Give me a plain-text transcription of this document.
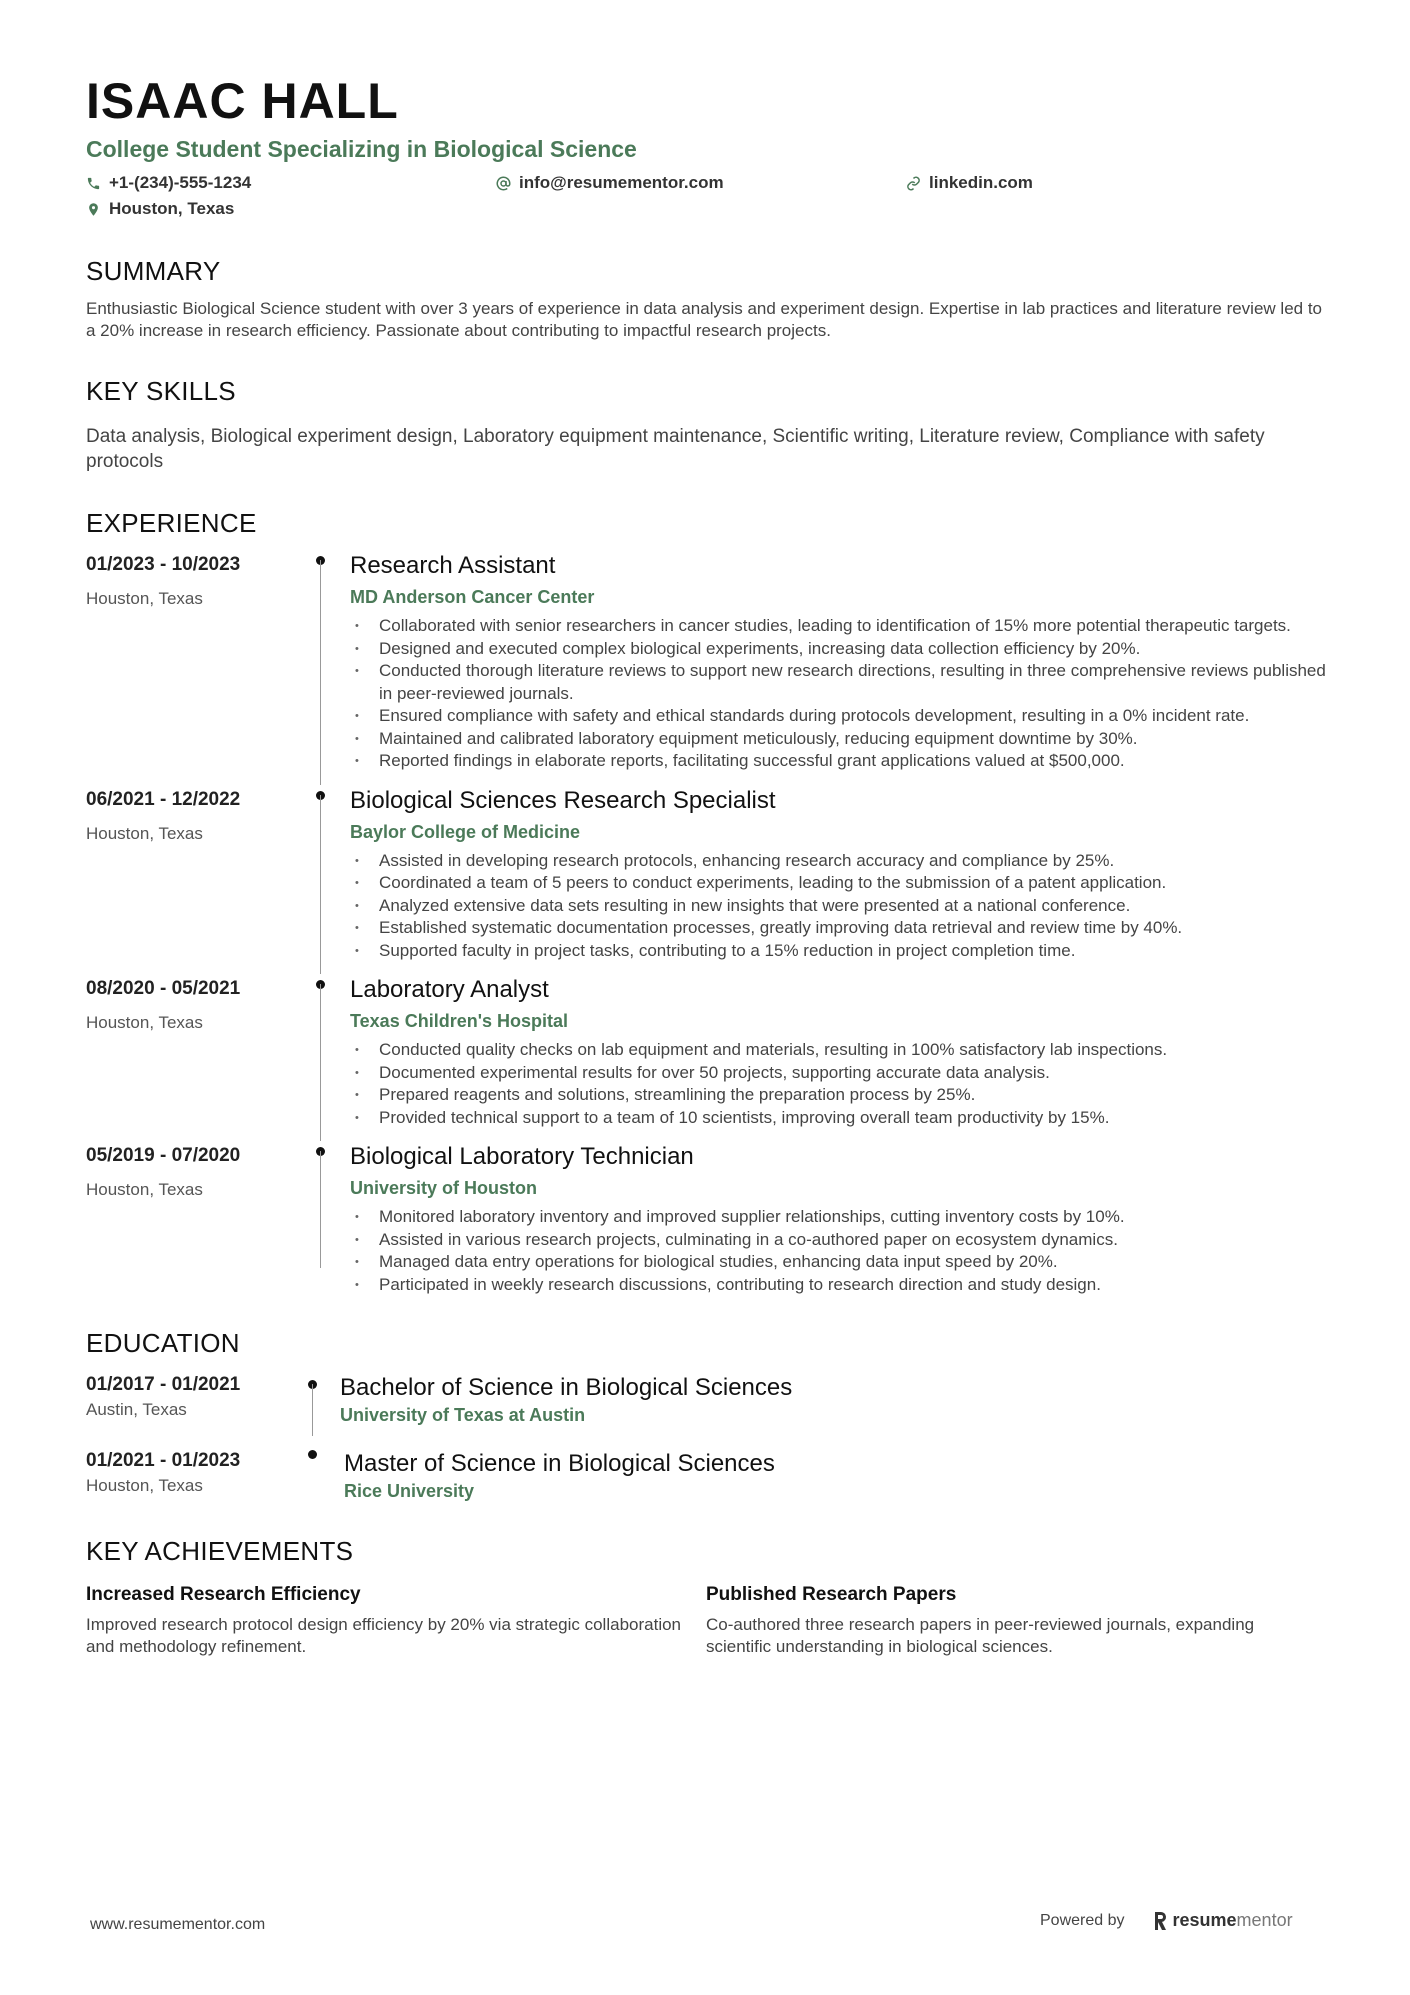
ISAAC HALL
College Student Specializing in Biological Science
+1-(234)-555-1234	info@resumementor.com	linkedin.com
Houston, Texas
SUMMARY
Enthusiastic Biological Science student with over 3 years of experience in data analysis and experiment design. Expertise in lab practices and literature review led to a 20% increase in research efficiency. Passionate about contributing to impactful research projects.
KEY SKILLS
Data analysis, Biological experiment design, Laboratory equipment maintenance, Scientific writing, Literature review, Compliance with safety protocols
EXPERIENCE
01/2023 - 10/2023
Houston, Texas
Research Assistant
MD Anderson Cancer Center
• Collaborated with senior researchers in cancer studies, leading to identification of 15% more potential therapeutic targets.
• Designed and executed complex biological experiments, increasing data collection efficiency by 20%.
• Conducted thorough literature reviews to support new research directions, resulting in three comprehensive reviews published in peer-reviewed journals.
• Ensured compliance with safety and ethical standards during protocols development, resulting in a 0% incident rate.
• Maintained and calibrated laboratory equipment meticulously, reducing equipment downtime by 30%.
• Reported findings in elaborate reports, facilitating successful grant applications valued at $500,000.
06/2021 - 12/2022
Houston, Texas
Biological Sciences Research Specialist
Baylor College of Medicine
• Assisted in developing research protocols, enhancing research accuracy and compliance by 25%.
• Coordinated a team of 5 peers to conduct experiments, leading to the submission of a patent application.
• Analyzed extensive data sets resulting in new insights that were presented at a national conference.
• Established systematic documentation processes, greatly improving data retrieval and review time by 40%.
• Supported faculty in project tasks, contributing to a 15% reduction in project completion time.
08/2020 - 05/2021
Houston, Texas
Laboratory Analyst
Texas Children's Hospital
• Conducted quality checks on lab equipment and materials, resulting in 100% satisfactory lab inspections.
• Documented experimental results for over 50 projects, supporting accurate data analysis.
• Prepared reagents and solutions, streamlining the preparation process by 25%.
• Provided technical support to a team of 10 scientists, improving overall team productivity by 15%.
05/2019 - 07/2020
Houston, Texas
Biological Laboratory Technician
University of Houston
• Monitored laboratory inventory and improved supplier relationships, cutting inventory costs by 10%.
• Assisted in various research projects, culminating in a co-authored paper on ecosystem dynamics.
• Managed data entry operations for biological studies, enhancing data input speed by 20%.
• Participated in weekly research discussions, contributing to research direction and study design.
EDUCATION
01/2017 - 01/2021
Austin, Texas
Bachelor of Science in Biological Sciences
University of Texas at Austin
01/2021 - 01/2023
Houston, Texas
Master of Science in Biological Sciences
Rice University
KEY ACHIEVEMENTS
Increased Research Efficiency
Improved research protocol design efficiency by 20% via strategic collaboration and methodology refinement.
Published Research Papers
Co-authored three research papers in peer-reviewed journals, expanding scientific understanding in biological sciences.
www.resumementor.com	Powered by	resume mentor
